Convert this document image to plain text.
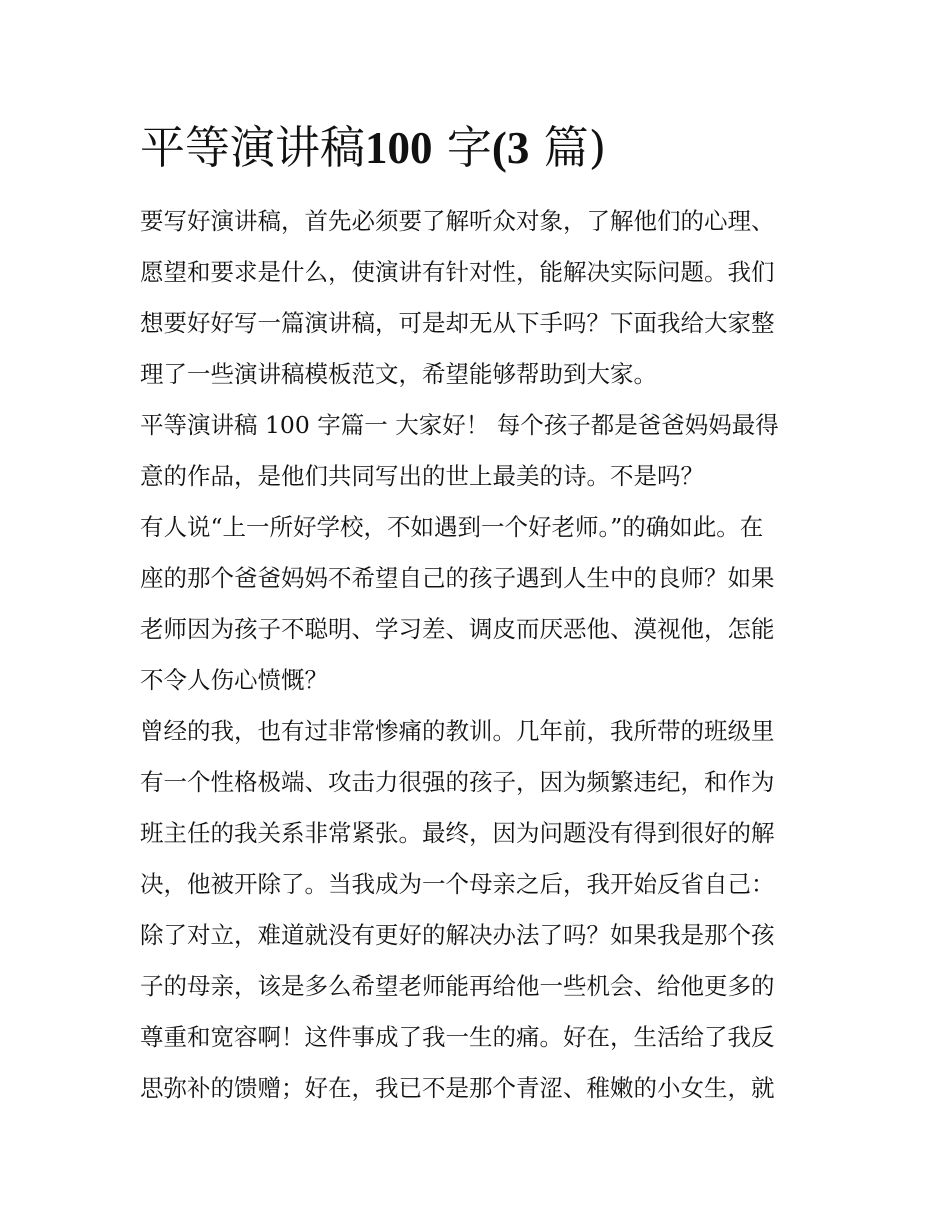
平等演讲稿100 字(3 篇)
要写好演讲稿，首先必须要了解听众对象，了解他们的心理、
愿望和要求是什么，使演讲有针对性，能解决实际问题。我们
想要好好写一篇演讲稿，可是却无从下手吗？下面我给大家整
理了一些演讲稿模板范文，希望能够帮助到大家。
平等演讲稿 100 字篇一 大家好！ 每个孩子都是爸爸妈妈最得
意的作品，是他们共同写出的世上最美的诗。不是吗？
有人说“上一所好学校，不如遇到一个好老师。”的确如此。在
座的那个爸爸妈妈不希望自己的孩子遇到人生中的良师？如果
老师因为孩子不聪明、学习差、调皮而厌恶他、漠视他，怎能
不令人伤心愤慨？
曾经的我，也有过非常惨痛的教训。几年前，我所带的班级里
有一个性格极端、攻击力很强的孩子，因为频繁违纪，和作为
班主任的我关系非常紧张。最终，因为问题没有得到很好的解
决，他被开除了。当我成为一个母亲之后，我开始反省自己：
除了对立，难道就没有更好的解决办法了吗？如果我是那个孩
子的母亲，该是多么希望老师能再给他一些机会、给他更多的
尊重和宽容啊！这件事成了我一生的痛。好在，生活给了我反
思弥补的馈赠；好在，我已不是那个青涩、稚嫩的小女生，就
